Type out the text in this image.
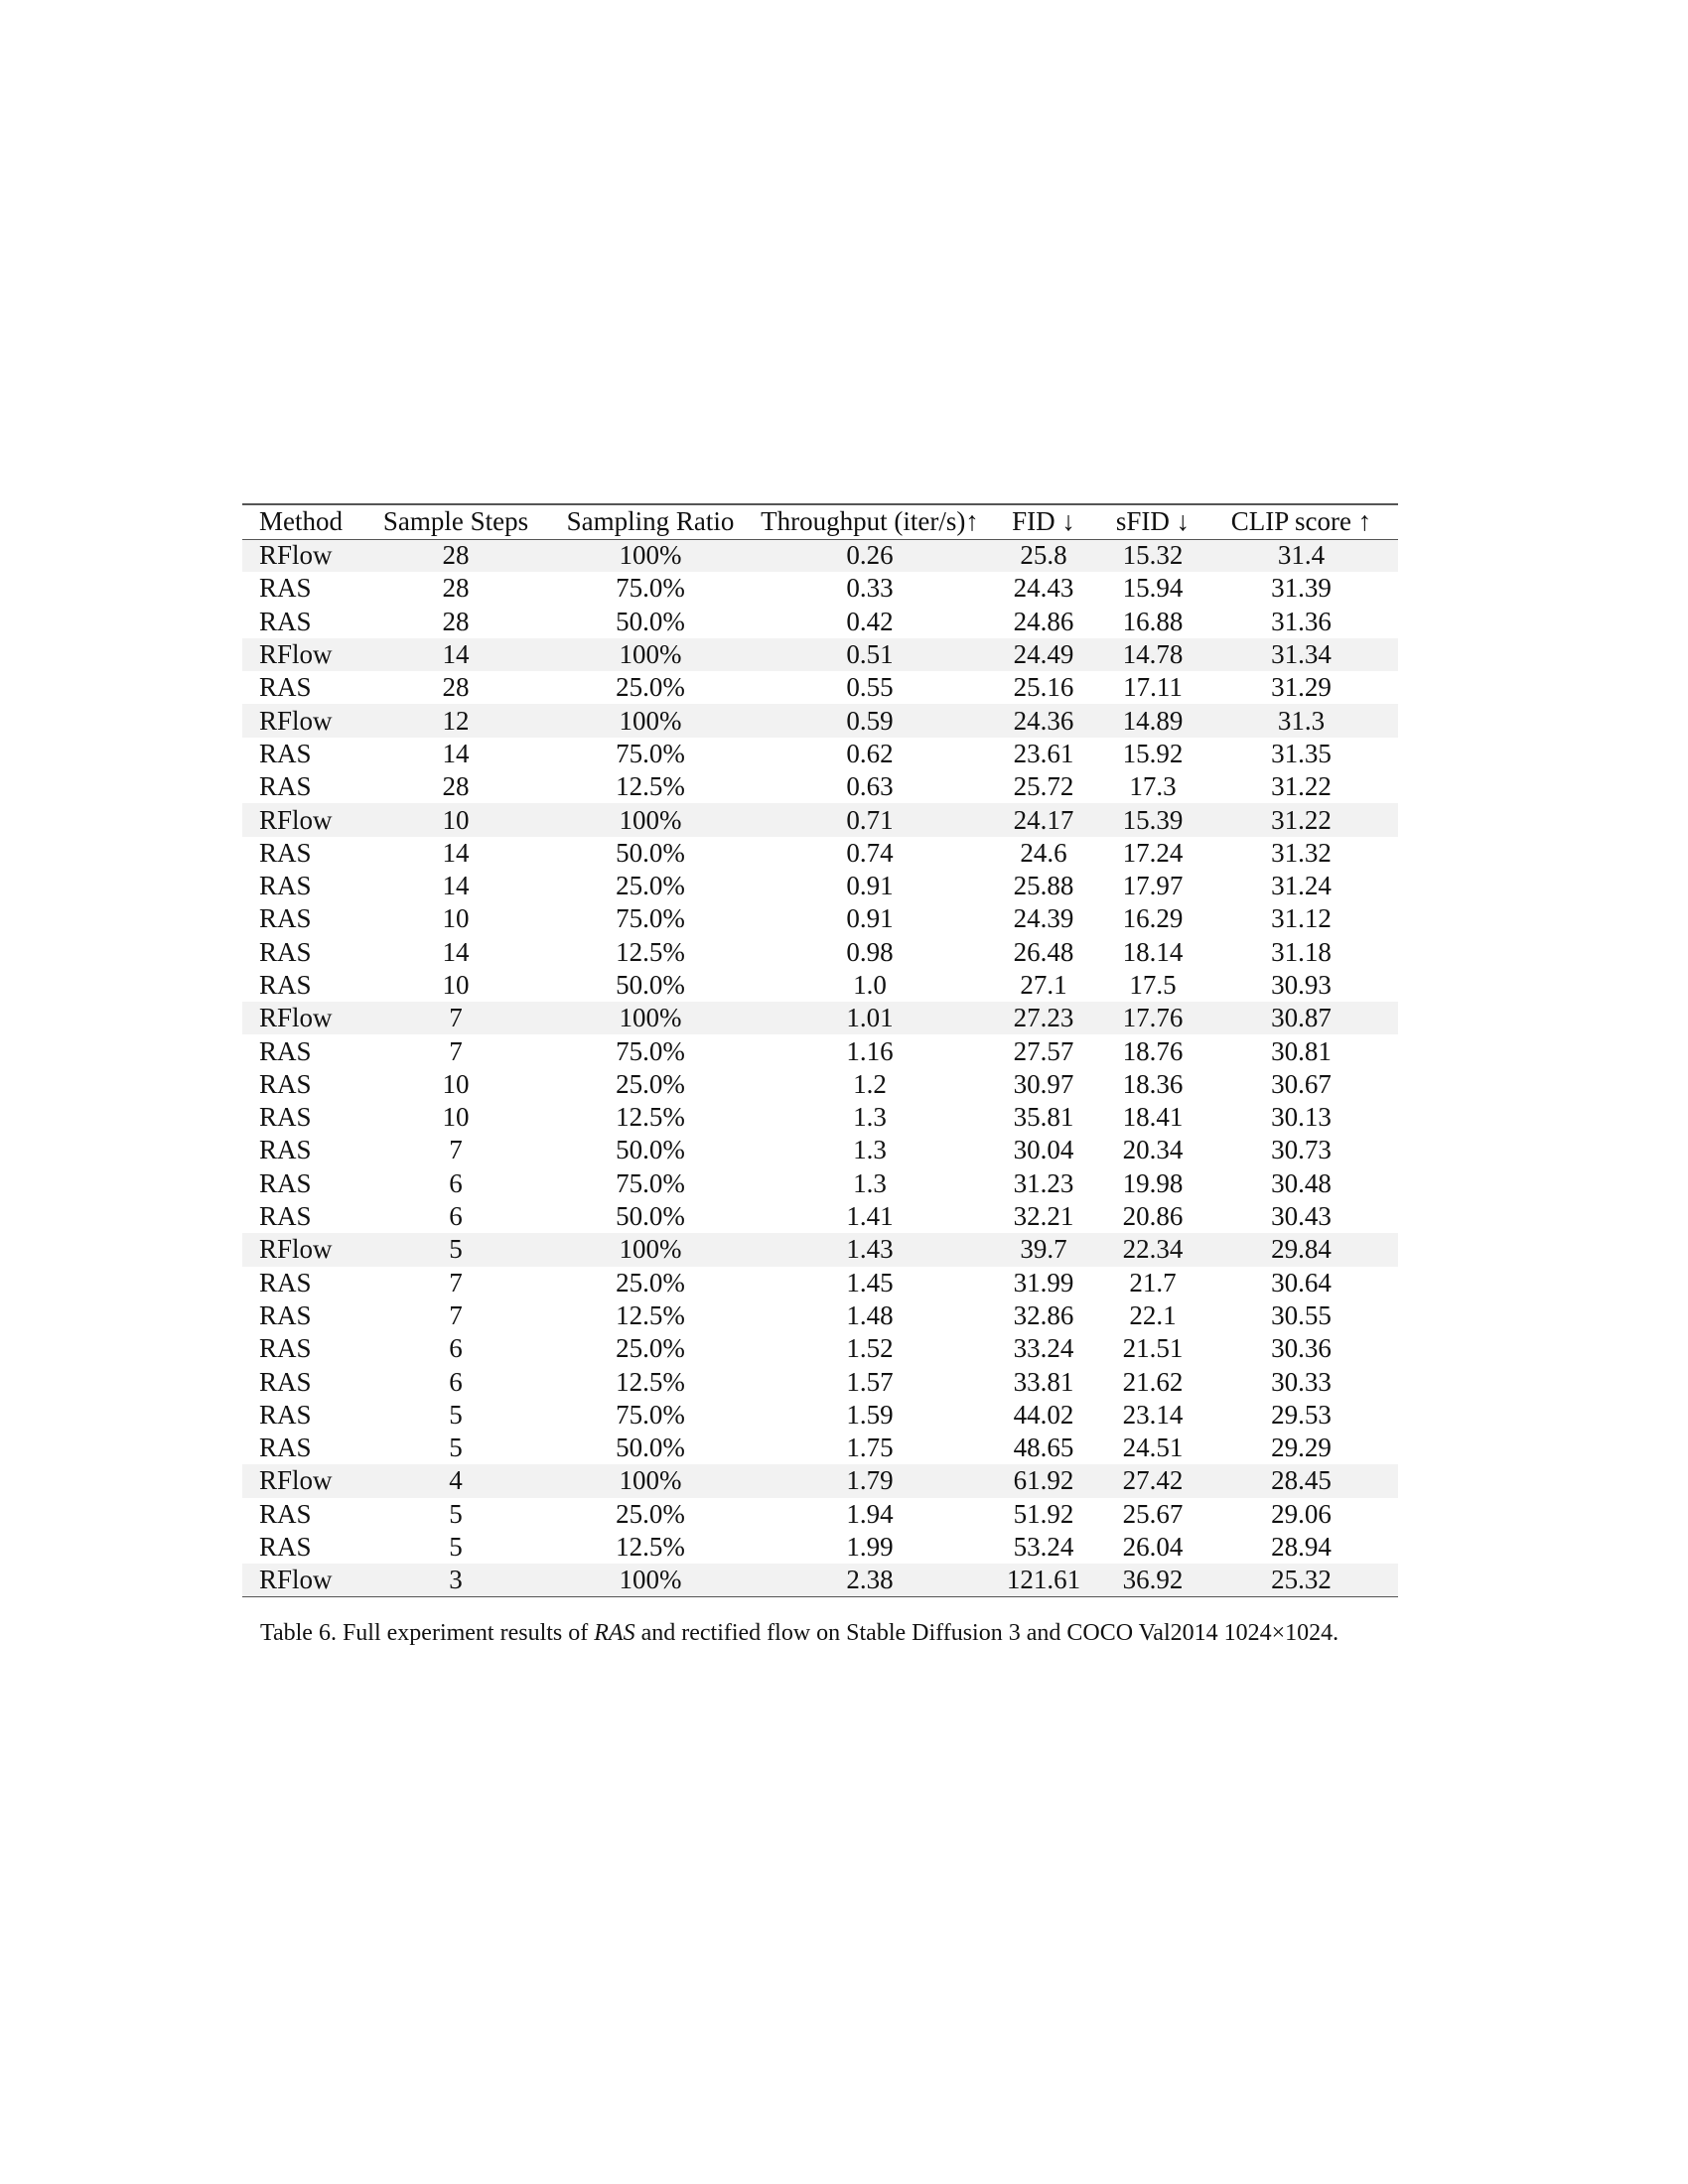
Method	Sample Steps	Sampling Ratio	Throughput (iter/s)↑	FID ↓	sFID ↓	CLIP score ↑
RFlow	28	100%	0.26	25.8	15.32	31.4
RAS	28	75.0%	0.33	24.43	15.94	31.39
RAS	28	50.0%	0.42	24.86	16.88	31.36
RFlow	14	100%	0.51	24.49	14.78	31.34
RAS	28	25.0%	0.55	25.16	17.11	31.29
RFlow	12	100%	0.59	24.36	14.89	31.3
RAS	14	75.0%	0.62	23.61	15.92	31.35
RAS	28	12.5%	0.63	25.72	17.3	31.22
RFlow	10	100%	0.71	24.17	15.39	31.22
RAS	14	50.0%	0.74	24.6	17.24	31.32
RAS	14	25.0%	0.91	25.88	17.97	31.24
RAS	10	75.0%	0.91	24.39	16.29	31.12
RAS	14	12.5%	0.98	26.48	18.14	31.18
RAS	10	50.0%	1.0	27.1	17.5	30.93
RFlow	7	100%	1.01	27.23	17.76	30.87
RAS	7	75.0%	1.16	27.57	18.76	30.81
RAS	10	25.0%	1.2	30.97	18.36	30.67
RAS	10	12.5%	1.3	35.81	18.41	30.13
RAS	7	50.0%	1.3	30.04	20.34	30.73
RAS	6	75.0%	1.3	31.23	19.98	30.48
RAS	6	50.0%	1.41	32.21	20.86	30.43
RFlow	5	100%	1.43	39.7	22.34	29.84
RAS	7	25.0%	1.45	31.99	21.7	30.64
RAS	7	12.5%	1.48	32.86	22.1	30.55
RAS	6	25.0%	1.52	33.24	21.51	30.36
RAS	6	12.5%	1.57	33.81	21.62	30.33
RAS	5	75.0%	1.59	44.02	23.14	29.53
RAS	5	50.0%	1.75	48.65	24.51	29.29
RFlow	4	100%	1.79	61.92	27.42	28.45
RAS	5	25.0%	1.94	51.92	25.67	29.06
RAS	5	12.5%	1.99	53.24	26.04	28.94
RFlow	3	100%	2.38	121.61	36.92	25.32
Table 6. Full experiment results of RAS and rectified flow on Stable Diffusion 3 and COCO Val2014 1024×1024.
